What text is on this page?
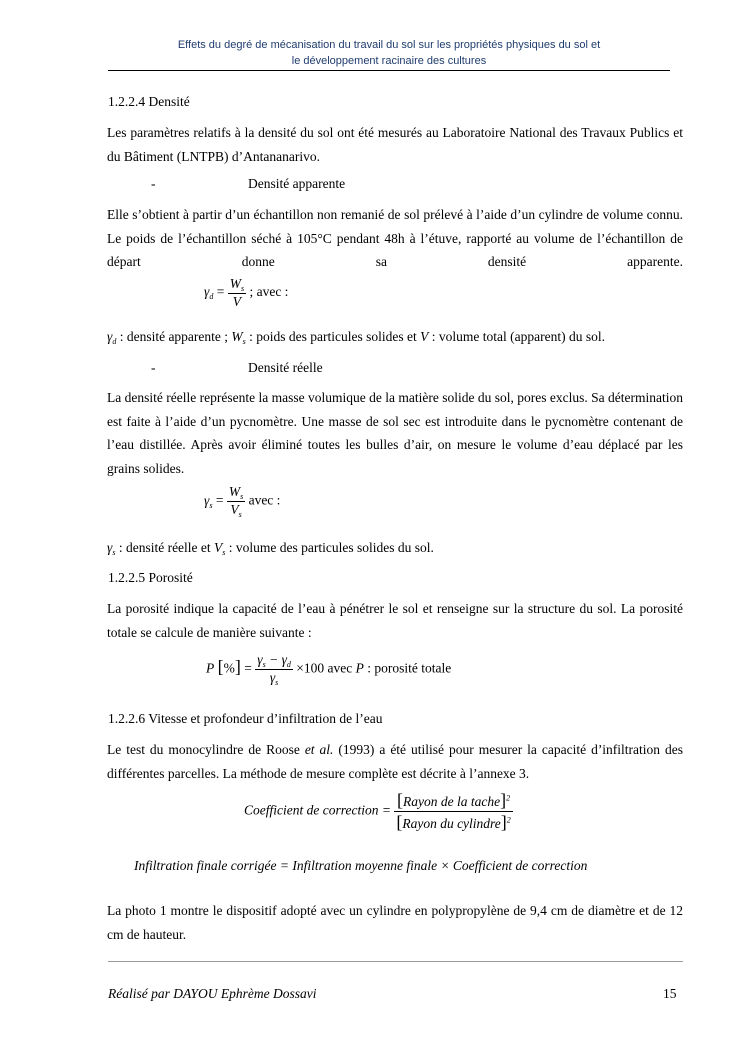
Effets du degré de mécanisation du travail du sol sur les propriétés physiques du sol et
le développement racinaire des cultures
1.2.2.4 Densité
Les paramètres relatifs à la densité du sol ont été mesurés au Laboratoire National des Travaux Publics et du Bâtiment (LNTPB) d’Antananarivo.
-	Densité apparente
Elle s’obtient à partir d’un échantillon non remanié de sol prélevé à l’aide d’un cylindre de volume connu. Le poids de l’échantillon séché à 105°C pendant 48h à l’étuve, rapporté au volume de l’échantillon de départ donne sa densité apparente.
$\gamma_d = \frac{W_s}{V}$ ; avec :
$\gamma_d$ : densité apparente ; $W_s$ : poids des particules solides et V : volume total (apparent) du sol.
-	Densité réelle
La densité réelle représente la masse volumique de la matière solide du sol, pores exclus. Sa détermination est faite à l’aide d’un pycnomètre. Une masse de sol sec est introduite dans le pycnomètre contenant de l’eau distillée. Après avoir éliminé toutes les bulles d’air, on mesure le volume d’eau déplacé par les grains solides.
$\gamma_s = \frac{W_s}{V_s}$ avec :
$\gamma_s$ : densité réelle et $V_s$ : volume des particules solides du sol.
1.2.2.5 Porosité
La porosité indique la capacité de l’eau à pénétrer le sol et renseigne sur la structure du sol. La porosité totale se calcule de manière suivante :
P [%] = $\frac{\gamma_s - \gamma_d}{\gamma_s} \times 100$ avec P : porosité totale
1.2.2.6 Vitesse et profondeur d’infiltration de l’eau
Le test du monocylindre de Roose et al. (1993) a été utilisé pour mesurer la capacité d’infiltration des différentes parcelles. La méthode de mesure complète est décrite à l’annexe 3.
Coefficient de correction = $\frac{[Rayon de la tache]^2}{[Rayon du cylindre]^2}$
Infiltration finale corrigée = Infiltration moyenne finale × Coefficient de correction
La photo 1 montre le dispositif adopté avec un cylindre en polypropylène de 9,4 cm de diamètre et de 12 cm de hauteur.
Réalisé par DAYOU Ephrème Dossavi	15
